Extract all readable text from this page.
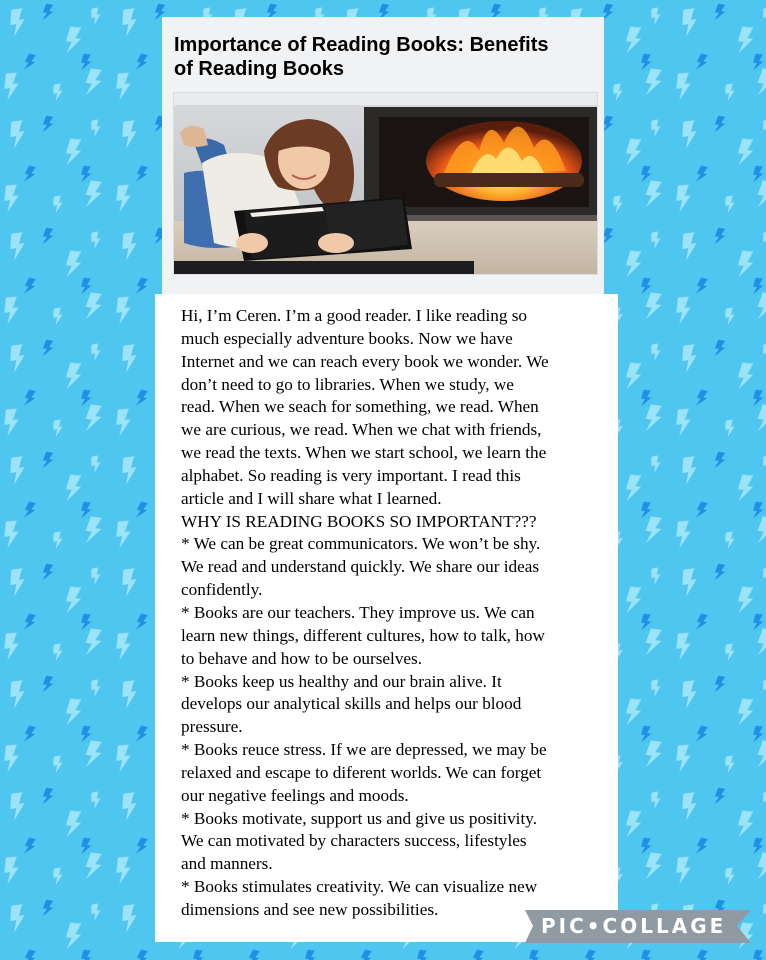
Importance of Reading Books: Benefits
of Reading Books

Hi, I’m Ceren. I’m a good reader. I like reading so
much especially adventure books. Now we have
Internet and we can reach every book we wonder. We
don’t need to go to libraries. When we study, we
read. When we seach for something, we read. When
we are curious, we read. When we chat with friends,
we read the texts. When we start school, we learn the
alphabet. So reading is very important. I read this
article and I will share what I learned.
WHY IS READING BOOKS SO IMPORTANT???
* We can be great communicators. We won’t be shy.
We read and understand quickly. We share our ideas
confidently.
* Books are our teachers. They improve us. We can
learn new things, different cultures, how to talk, how
to behave and how to be ourselves.
* Books keep us healthy and our brain alive. It
develops our analytical skills and helps our blood
pressure.
* Books reuce stress. If we are depressed, we may be
relaxed and escape to diferent worlds. We can forget
our negative feelings and moods.
* Books motivate, support us and give us positivity.
We can motivated by characters success, lifestyles
and manners.
* Books stimulates creativity. We can visualize new
dimensions and see new possibilities.

PIC•COLLAGE
